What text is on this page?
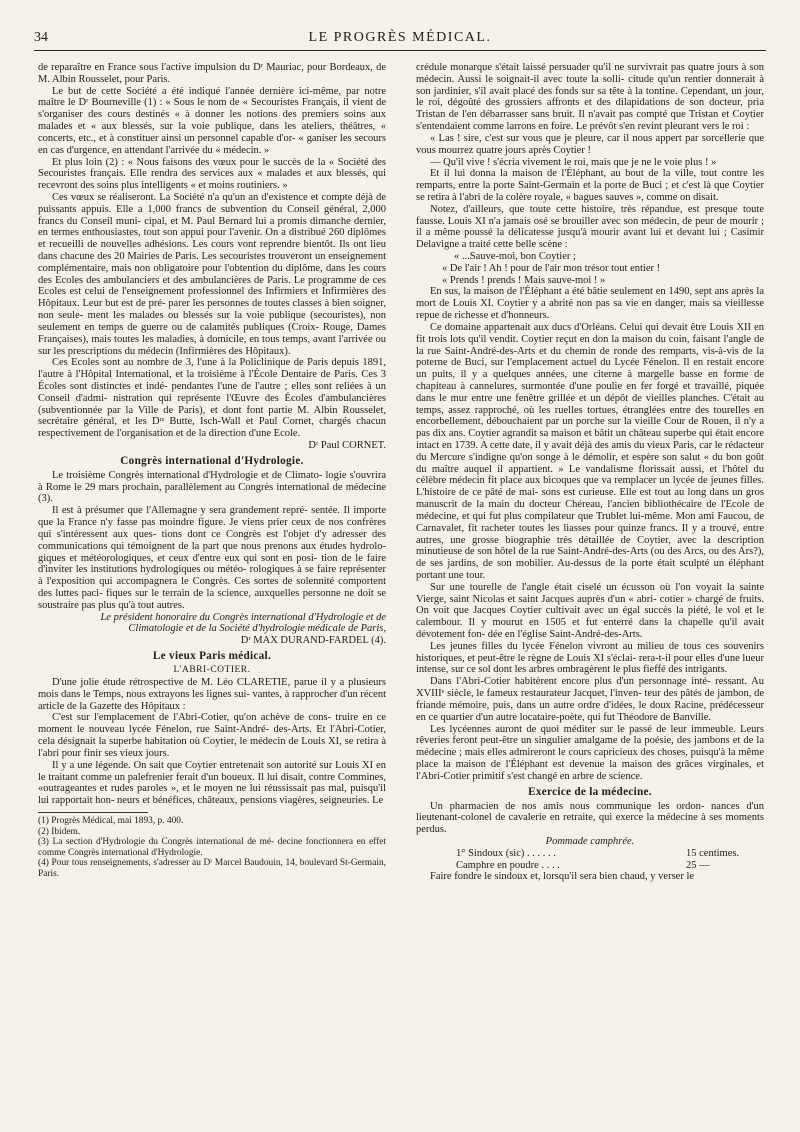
34	LE PROGRÈS MÉDICAL.

de reparaître en France sous l'active impulsion du Dʳ Mauriac, pour Bordeaux, de M. Albin Rousselet, pour Paris.

Le but de cette Société a été indiqué l'année dernière ici-même, par notre maître le Dʳ Bourneville (1) : « Sous le nom de « Secouristes Français, il vient de s'organiser des cours destinés « à donner les notions des premiers soins aux malades et « aux blessés, sur la voie publique, dans les ateliers, théâtres, « concerts, etc., et à constituer ainsi un personnel capable d'or- « ganiser les secours en cas d'urgence, en attendant l'arrivée du « médecin. »

Et plus loin (2) : « Nous faisons des vœux pour le succès de la « Société des Secouristes français. Elle rendra des services aux « malades et aux blessés, qui recevront des soins plus intelligents « et moins routiniers. »

Ces vœux se réaliseront. La Société n'a qu'un an d'existence et compte déjà de puissants appuis. Elle a 1,000 francs de subvention du Conseil général, 2,000 francs du Conseil muni- cipal, et M. Paul Bernard lui a promis dimanche dernier, en termes enthousiastes, tout son appui pour l'avenir. On a distribué 260 diplômes et recueilli de nouvelles adhésions. Les cours vont reprendre bientôt. Ils ont lieu dans chacune des 20 Mairies de Paris. Les secouristes trouveront un enseignement complémentaire, mais non obligatoire pour l'obtention du diplôme, dans les cours des Ecoles des ambulanciers et des ambulancières de Paris. Le programme de ces Ecoles est celui de l'enseignement professionnel des Infirmiers et Infirmières des Hôpitaux. Leur but est de pré- parer les personnes de toutes classes à bien soigner, non seule- ment les malades ou blessés sur la voie publique (secouristes), non seulement en temps de guerre ou de calamités publiques (Croix- Rouge, Dames Françaises), mais toutes les maladies, à domicile, en tous temps, avant l'arrivée ou sur les prescriptions du médecin (Infirmières des Hôpitaux).

Ces Ecoles sont au nombre de 3, l'une à la Policlinique de Paris depuis 1891, l'autre à l'Hôpital International, et la troisième à l'École Dentaire de Paris. Ces 3 Écoles sont distinctes et indé- pendantes l'une de l'autre ; elles sont reliées à un Conseil d'admi- nistration qui représente l'Œuvre des Écoles d'ambulancières (subventionnée par la Ville de Paris), et dont font partie M. Albin Rousselet, secrétaire général, et les Dʳˢ Butte, Isch-Wall et Paul Cornet, chargés chacun respectivement de l'organisation et de la direction d'une Ecole.

Dʳ Paul CORNET.

Congrès international d'Hydrologie.

Le troisième Congrès international d'Hydrologie et de Climato- logie s'ouvrira à Rome le 29 mars prochain, parallèlement au Congrès international de médecine (3).

Il est à présumer que l'Allemagne y sera grandement repré- sentée. Il importe que la France n'y fasse pas moindre figure. Je viens prier ceux de nos confrères qui s'intéressent aux ques- tions dont ce Congrès est l'objet d'y adresser des communications qui témoignent de la part que nous prenons aux études hydrolo- giques et météorologiques, et ceux d'entre eux qui sont en posi- tion de le faire d'inviter les institutions hydrologiques ou météo- rologiques à se faire représenter à l'exposition qui accompagnera le Congrès. Ces sortes de solennité comportent des luttes paci- fiques sur le terrain de la science, auxquelles personne ne doit se soustraire pas plus qu'à tout autres.

Le président honoraire du Congrès international d'Hydrologie et de Climatologie et de la Société d'hydrologie médicale de Paris,

Dʳ MAX DURAND-FARDEL (4).

Le vieux Paris médical.
L'ABRI-COTIER.

D'une jolie étude rétrospective de M. Léo CLARETIE, parue il y a plusieurs mois dans le Temps, nous extrayons les lignes sui- vantes, à rapprocher d'un récent article de la Gazette des Hôpitaux :

C'est sur l'emplacement de l'Abri-Cotier, qu'on achève de cons- truire en ce moment le nouveau lycée Fénelon, rue Saint-André- des-Arts. Et l'Abri-Cotier, cela désignait la superbe habitation où Coytier, le médecin de Louis XI, se retira à l'abri pour finir ses vieux jours.

Il y a une légende. On sait que Coytier entretenait son autorité sur Louis XI en le traitant comme un palefrenier ferait d'un boueux. Il lui disait, contre Commines, «outrageantes et rudes paroles », et le moyen ne lui réussissait pas mal, puisqu'il lui rapportait hon- neurs et bénéfices, châteaux, pensions viagères, seigneuries. Le

(1) Progrès Médical, mai 1893, p. 400.

(2) Ibidem.

(3) La section d'Hydrologie du Congrès international de mé- decine fonctionnera en effet comme Congrès international d'Hydrologie.

(4) Pour tous renseignements, s'adresser au Dʳ Marcel Baudouin, 14, boulevard St-Germain, Paris.

crédule monarque s'était laissé persuader qu'il ne survivrait pas quatre jours à son médecin. Aussi le soignait-il avec toute la solli- citude qu'un rentier donnerait à son jardinier, s'il avait placé des fonds sur sa tête à la tontine. Cependant, un jour, le roi, dégoûté des grossiers affronts et des dilapidations de son docteur, pria Tristan de l'en débarrasser sans bruit. Il n'avait pas compté que Tristan et Coytier s'entendaient comme larrons en foire. Le prévôt s'en revint pleurant vers le roi :

« Las ! sire, c'est sur vous que je pleure, car il nous appert par sorcellerie que vous mourrez quatre jours après Coytier !

— Qu'il vive ! s'écria vivement le roi, mais que je ne le voie plus ! »

Et il lui donna la maison de l'Éléphant, au bout de la ville, tout contre les remparts, entre la porte Saint-Germain et la porte de Buci ; et c'est là que Coytier se retira à l'abri de la colère royale, « bagues sauves », comme on disait.

Notez, d'ailleurs, que toute cette histoire, très répandue, est presque toute fausse. Louis XI n'a jamais osé se brouiller avec son médecin, de peur de mourir ; il a même poussé la délicatesse jusqu'à mourir avant lui et devant lui ; Casimir Delavigne a traité cette belle scène :

« ...Sauve-moi, bon Coytier ;

« De l'air ! Ah ! pour de l'air mon trésor tout entier !

« Prends ! prends ! Mais sauve-moi ! »

En sus, la maison de l'Éléphant a été bâtie seulement en 1490, sept ans après la mort de Louis XI. Coytier y a abrité non pas sa vie en danger, mais sa vieillesse repue de richesse et d'honneurs.

Ce domaine appartenait aux ducs d'Orléans. Celui qui devait être Louis XII en fit trois lots qu'il vendit. Coytier reçut en don la maison du coin, faisant l'angle de la rue Saint-André-des-Arts et du chemin de ronde des remparts, vis-à-vis de la poterne de Buci, sur l'emplacement actuel du Lycée Fénelon. Il en restait encore un puits, il y a quelques années, une citerne à margelle basse en forme de chapiteau à cannelures, surmontée d'une poulie en fer forgé et travaillé, piquée dans le mur entre une fenêtre grillée et un dépôt de vieilles planches. C'était au temps, assez rapproché, où les ruelles tortues, étranglées entre des tourelles en encorbellement, débouchaient par un porche sur la vieille Cour de Rouen, il n'y a pas dix ans. Coytier agrandit sa maison et bâtit un château superbe qui était encore intact en 1739. A cette date, il y avait déjà des amis du vieux Paris, car le rédacteur du Mercure s'indigne qu'on songe à le démolir, et espère son salut « du bon goût du maître auquel il appartient. » Le vandalisme florissait aussi, et l'hôtel du célèbre médecin fit place aux bicoques que va remplacer un lycée de jeunes filles. L'histoire de ce pâté de mai- sons est curieuse. Elle est tout au long dans un gros manuscrit de la main du docteur Chéreau, l'ancien bibliothécaire de l'Ecole de médecine, et qui fut plus compilateur que Trublet lui-même. Mon ami Faucou, de Carnavalet, fit racheter toutes les liasses pour quinze francs. Il y a trouvé, entre autres, une grosse biographie très détaillée de Coytier, avec la description minutieuse de son hôtel de la rue Saint-André-des-Arts (ou des Arcs, ou des Ars?), de ses jardins, de son mobilier. Au-dessus de la porte était sculpté un éléphant portant une tour.

Sur une tourelle de l'angle était ciselé un écusson où l'on voyait la sainte Vierge, saint Nicolas et saint Jacques auprès d'un « abri- cotier » chargé de fruits. On voit que Jacques Coytier cultivait avec un égal succès la piété, le vol et le calembour. Il y mourut en 1505 et fut enterré dans la chapelle qu'il avait dévotement fon- dée en l'église Saint-André-des-Arts.

Les jeunes filles du lycée Fénelon vivront au milieu de tous ces souvenirs historiques, et peut-être le règne de Louis XI s'éclai- rera-t-il pour elles d'une lueur intense, sur ce sol dont les arbres ombragèrent le plus fieffé des intrigants.

Dans l'Abri-Cotier habitèrent encore plus d'un personnage inté- ressant. Au XVIIIᵉ siècle, le fameux restaurateur Jacquet, l'inven- teur des pâtés de jambon, de friande mémoire, puis, dans un autre ordre d'idées, le doux Racine, prédécesseur en ce quartier d'un autre locataire-poète, qui fut Théodore de Banville.

Les lycéennes auront de quoi méditer sur le passé de leur immeuble. Leurs rêveries feront peut-être un singulier amalgame de la poésie, des jambons et de la médecine ; mais elles admireront le cours capricieux des choses, puisqu'à la même place la maison de l'Éléphant est devenue la maison des grâces virginales, et l'Abri-Cotier primitif s'est changé en arbre de science.

Exercice de la médecine.

Un pharmacien de nos amis nous communique les ordon- nances d'un lieutenant-colonel de cavalerie en retraite, qui exerce la médecine à ses moments perdus.

Pommade camphrée.

1° Sindoux (sic) . . . . . .	15 centimes.
Camphre en poudre . . . .	25 —

Faire fondre le sindoux et, lorsqu'il sera bien chaud, y verser le
